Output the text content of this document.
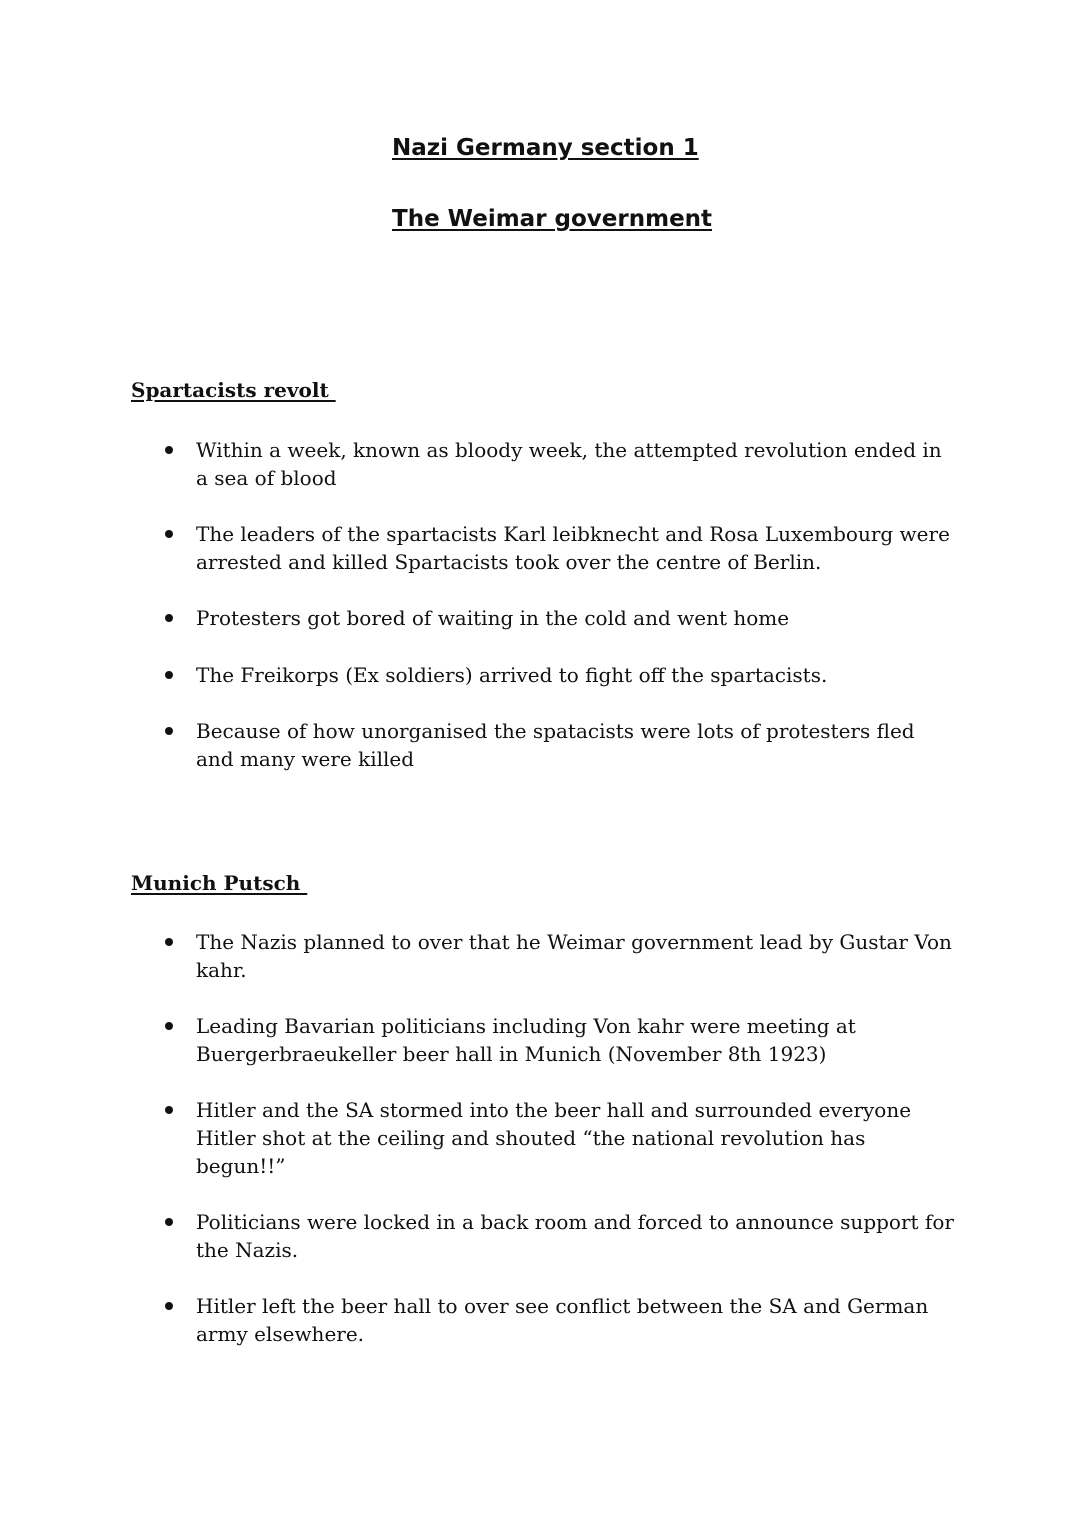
Nazi Germany section 1
The Weimar government
Spartacists revolt

Within a week, known as bloody week, the attempted revolution ended in a sea of blood

The leaders of the spartacists Karl leibknecht and Rosa Luxembourg were arrested and killed Spartacists took over the centre of Berlin.

Protesters got bored of waiting in the cold and went home

The Freikorps (Ex soldiers) arrived to fight off the spartacists.

Because of how unorganised the spatacists were lots of protesters fled and many were killed

Munich Putsch

The Nazis planned to over that he Weimar government lead by Gustar Von kahr.

Leading Bavarian politicians including Von kahr were meeting at Buergerbraeukeller beer hall in Munich (November 8th 1923)

Hitler and the SA stormed into the beer hall and surrounded everyone Hitler shot at the ceiling and shouted “the national revolution has begun!!”

Politicians were locked in a back room and forced to announce support for the Nazis.

Hitler left the beer hall to over see conflict between the SA and German army elsewhere.
